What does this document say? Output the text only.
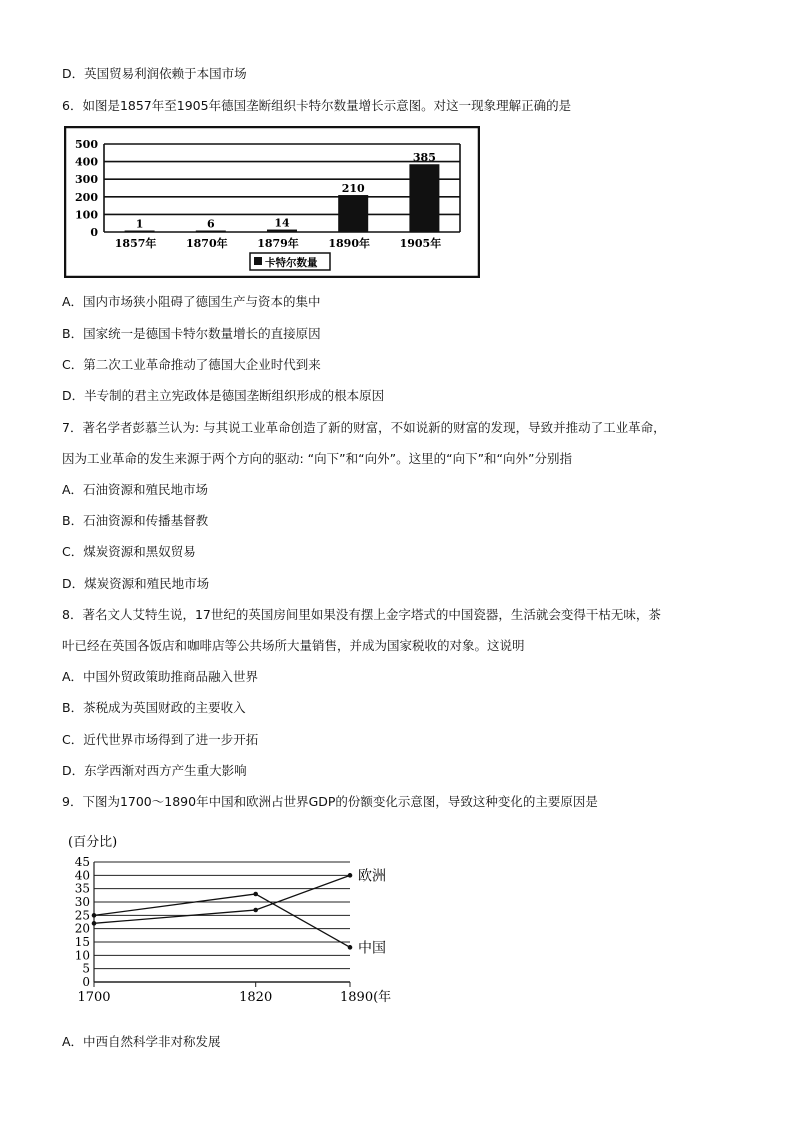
D．英国贸易利润依赖于本国市场
6．如图是1857年至1905年德国垄断组织卡特尔数量增长示意图。对这一现象理解正确的是
0
100
200
300
400
500
1
1857年
6
1870年
14
1879年
210
1890年
385
1905年
卡特尔数量
A．国内市场狭小阻碍了德国生产与资本的集中
B．国家统一是德国卡特尔数量增长的直接原因
C．第二次工业革命推动了德国大企业时代到来
D．半专制的君主立宪政体是德国垄断组织形成的根本原因
7．著名学者彭慕兰认为: 与其说工业革命创造了新的财富，不如说新的财富的发现，导致并推动了工业革命，
因为工业革命的发生来源于两个方向的驱动: “向下”和“向外”。这里的“向下”和“向外”分别指
A．石油资源和殖民地市场
B．石油资源和传播基督教
C．煤炭资源和黑奴贸易
D．煤炭资源和殖民地市场
8．著名文人艾特生说，17世纪的英国房间里如果没有摆上金字塔式的中国瓷器，生活就会变得干枯无味，茶
叶已经在英国各饭店和咖啡店等公共场所大量销售，并成为国家税收的对象。这说明
A．中国外贸政策助推商品融入世界
B．茶税成为英国财政的主要收入
C．近代世界市场得到了进一步开拓
D．东学西渐对西方产生重大影响
9．下图为1700～1890年中国和欧洲占世界GDP的份额变化示意图，导致这种变化的主要原因是
(百分比)
0
5
10
15
20
25
30
35
40
45
1700	1820	1890(年)
欧洲
中国
A．中西自然科学非对称发展
